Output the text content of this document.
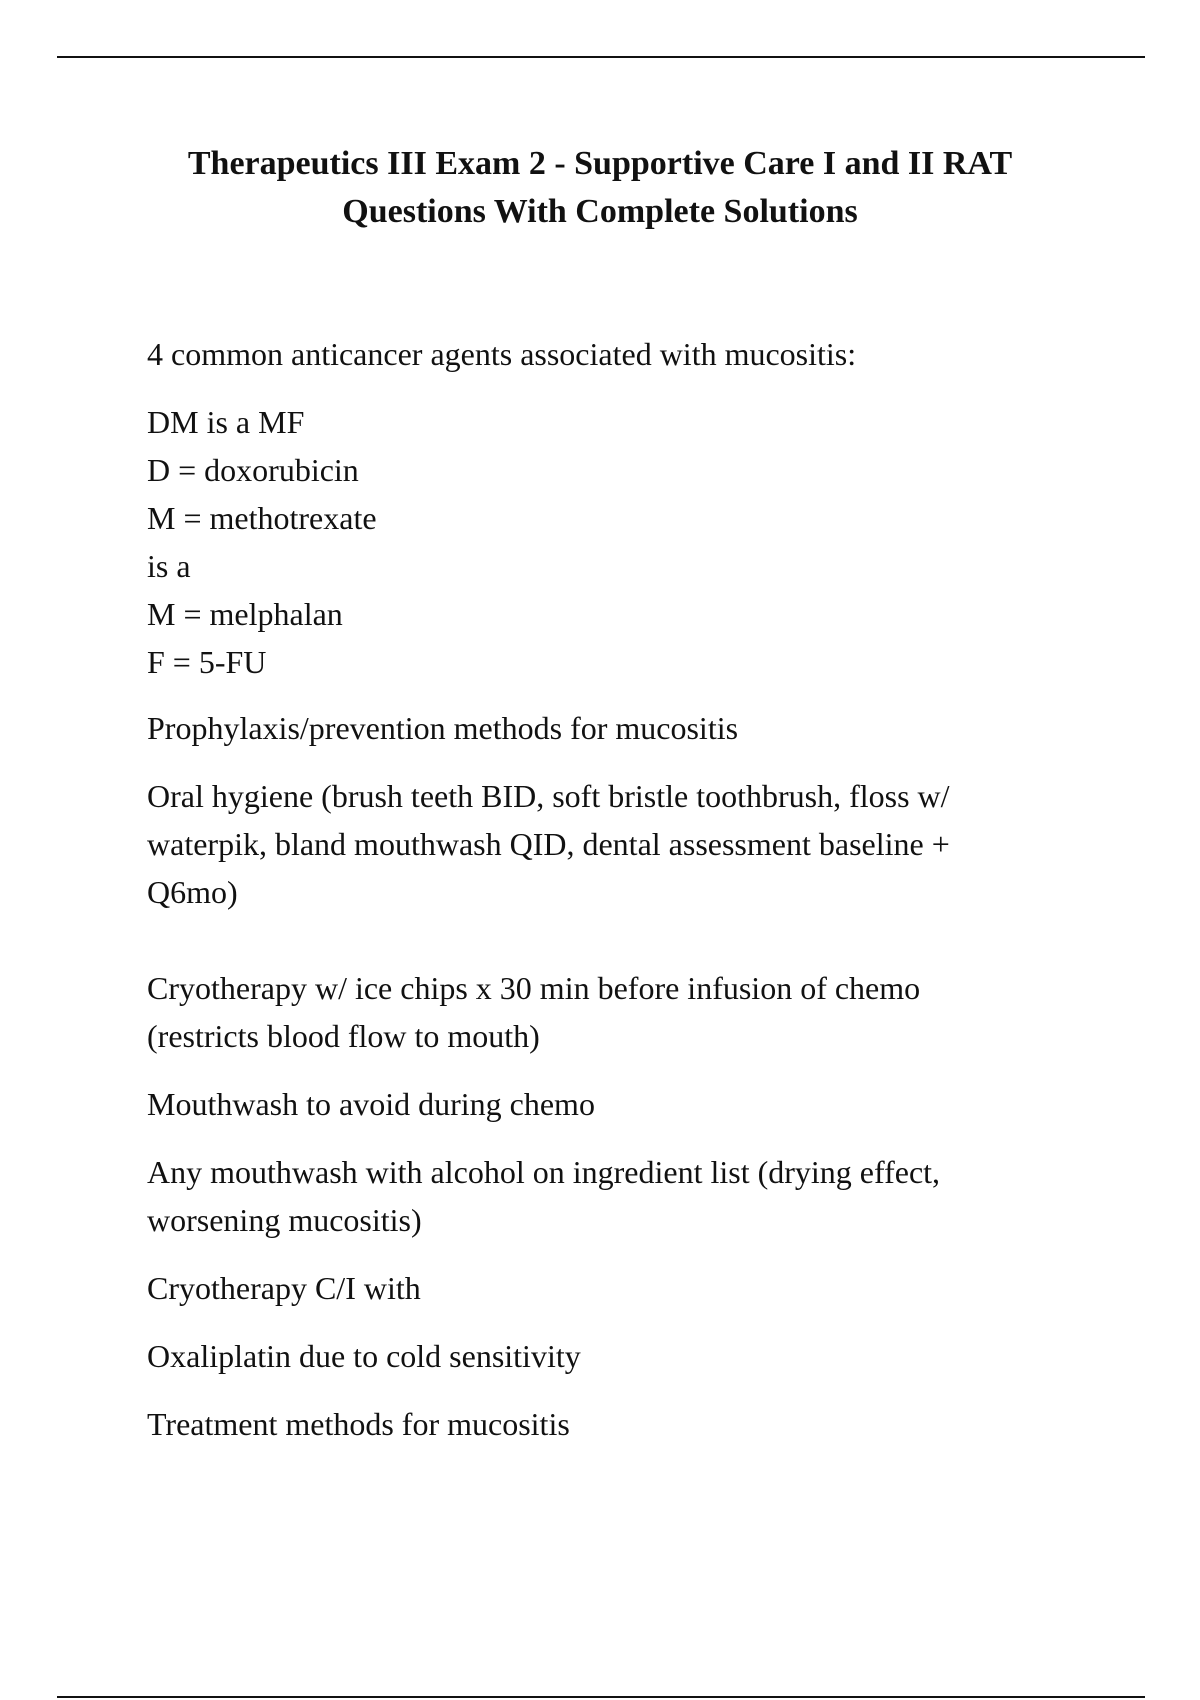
Therapeutics III Exam 2 - Supportive Care I and II RAT
Questions With Complete Solutions
4 common anticancer agents associated with mucositis:
DM is a MF
D = doxorubicin
M = methotrexate
is a
M = melphalan
F = 5-FU
Prophylaxis/prevention methods for mucositis
Oral hygiene (brush teeth BID, soft bristle toothbrush, floss w/
waterpik, bland mouthwash QID, dental assessment baseline +
Q6mo)
Cryotherapy w/ ice chips x 30 min before infusion of chemo
(restricts blood flow to mouth)
Mouthwash to avoid during chemo
Any mouthwash with alcohol on ingredient list (drying effect,
worsening mucositis)
Cryotherapy C/I with
Oxaliplatin due to cold sensitivity
Treatment methods for mucositis
